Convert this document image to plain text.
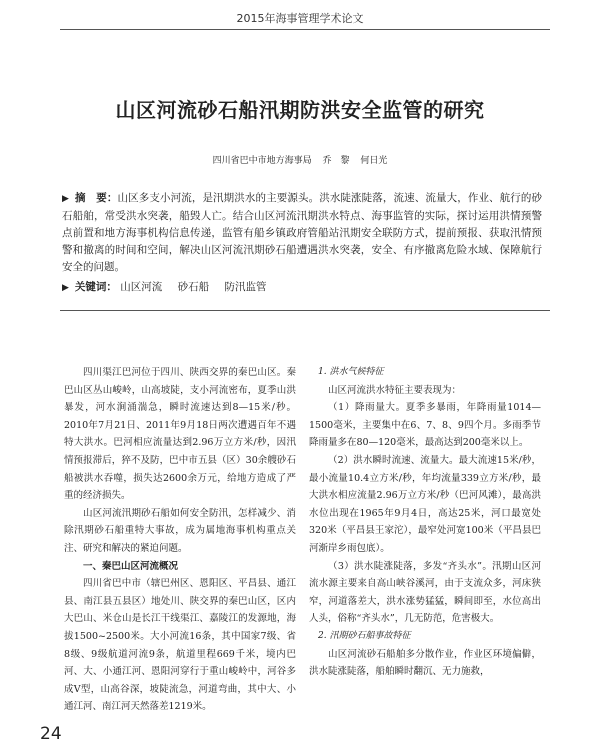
2015年海事管理学术论文
山区河流砂石船汛期防洪安全监管的研究
四川省巴中市地方海事局 乔　黎 何日光
▶ 摘　要：山区多支小河流，是汛期洪水的主要源头。洪水陡涨陡落，流速、流量大，作业、航行的砂石船舶，常受洪水突袭，船毁人亡。结合山区河流汛期洪水特点、海事监管的实际，探讨运用洪情预警点前置和地方海事机构信息传递，监管有船乡镇政府管船站汛期安全联防方式，提前预报、获取汛情预警和撤离的时间和空间，解决山区河流汛期砂石船遭遇洪水突袭，安全、有序撤离危险水域、保障航行安全的问题。
▶ 关键词： 山区河流 砂石船 防汛监管

四川渠江巴河位于四川、陕西交界的秦巴山区。秦巴山区丛山峻岭，山高坡陡，支小河流密布，夏季山洪暴发，河水涧涌湍急，瞬时流速达到8—15米/秒。2010年7月21日、2011年9月18日两次遭遇百年不遇特大洪水。巴河相应流量达到2.96万立方米/秒，因汛情预报滞后，猝不及防，巴中市五县（区）30余艘砂石船被洪水吞噬，损失达2600余万元，给地方造成了严重的经济损失。

山区河流汛期砂石船如何安全防汛，怎样减少、消除汛期砂石船重特大事故，成为属地海事机构重点关注、研究和解决的紧迫问题。

一、秦巴山区河流概况

四川省巴中市（辖巴州区、恩阳区、平昌县、通江县、南江县五县区）地处川、陕交界的秦巴山区，区内大巴山、米仓山是长江干线渠江、嘉陵江的发源地，海拔1500~2500米。大小河流16条，其中国家7级、省8级、9级航道河流9条，航道里程669千米，境内巴河、大、小通江河、恩阳河穿行于重山峻岭中，河谷多成V型，山高谷深，坡陡流急，河道弯曲，其中大、小通江河、南江河天然落差1219米。

1. 洪水气候特征

山区河流洪水特征主要表现为：

（1）降雨量大。夏季多暴雨，年降雨量1014—1500毫米，主要集中在6、7、8、9四个月。多雨季节降雨量多在80—120毫米，最高达到200毫米以上。

（2）洪水瞬时流速、流量大。最大流速15米/秒，最小流量10.4立方米/秒，年均流量339立方米/秒，最大洪水相应流量2.96万立方米/秒（巴河风滩），最高洪水位出现在1965年9月4日，高达25米，河口最宽处320米（平昌县王家沱），最窄处河宽100米（平昌县巴河渐岸乡雨包底）。

（3）洪水陡涨陡落，多发“齐头水”。汛期山区河流水源主要来自高山峡谷溪河，由于支流众多，河床狭窄，河道落差大，洪水涨势猛猛，瞬间即至，水位高出人头，俗称“齐头水”，几无防范，危害极大。

2. 汛期砂石船事故特征

山区河流砂石船舶多分散作业，作业区环境偏僻，洪水陡涨陡落，船舶瞬时翻沉、无力施救，

24
